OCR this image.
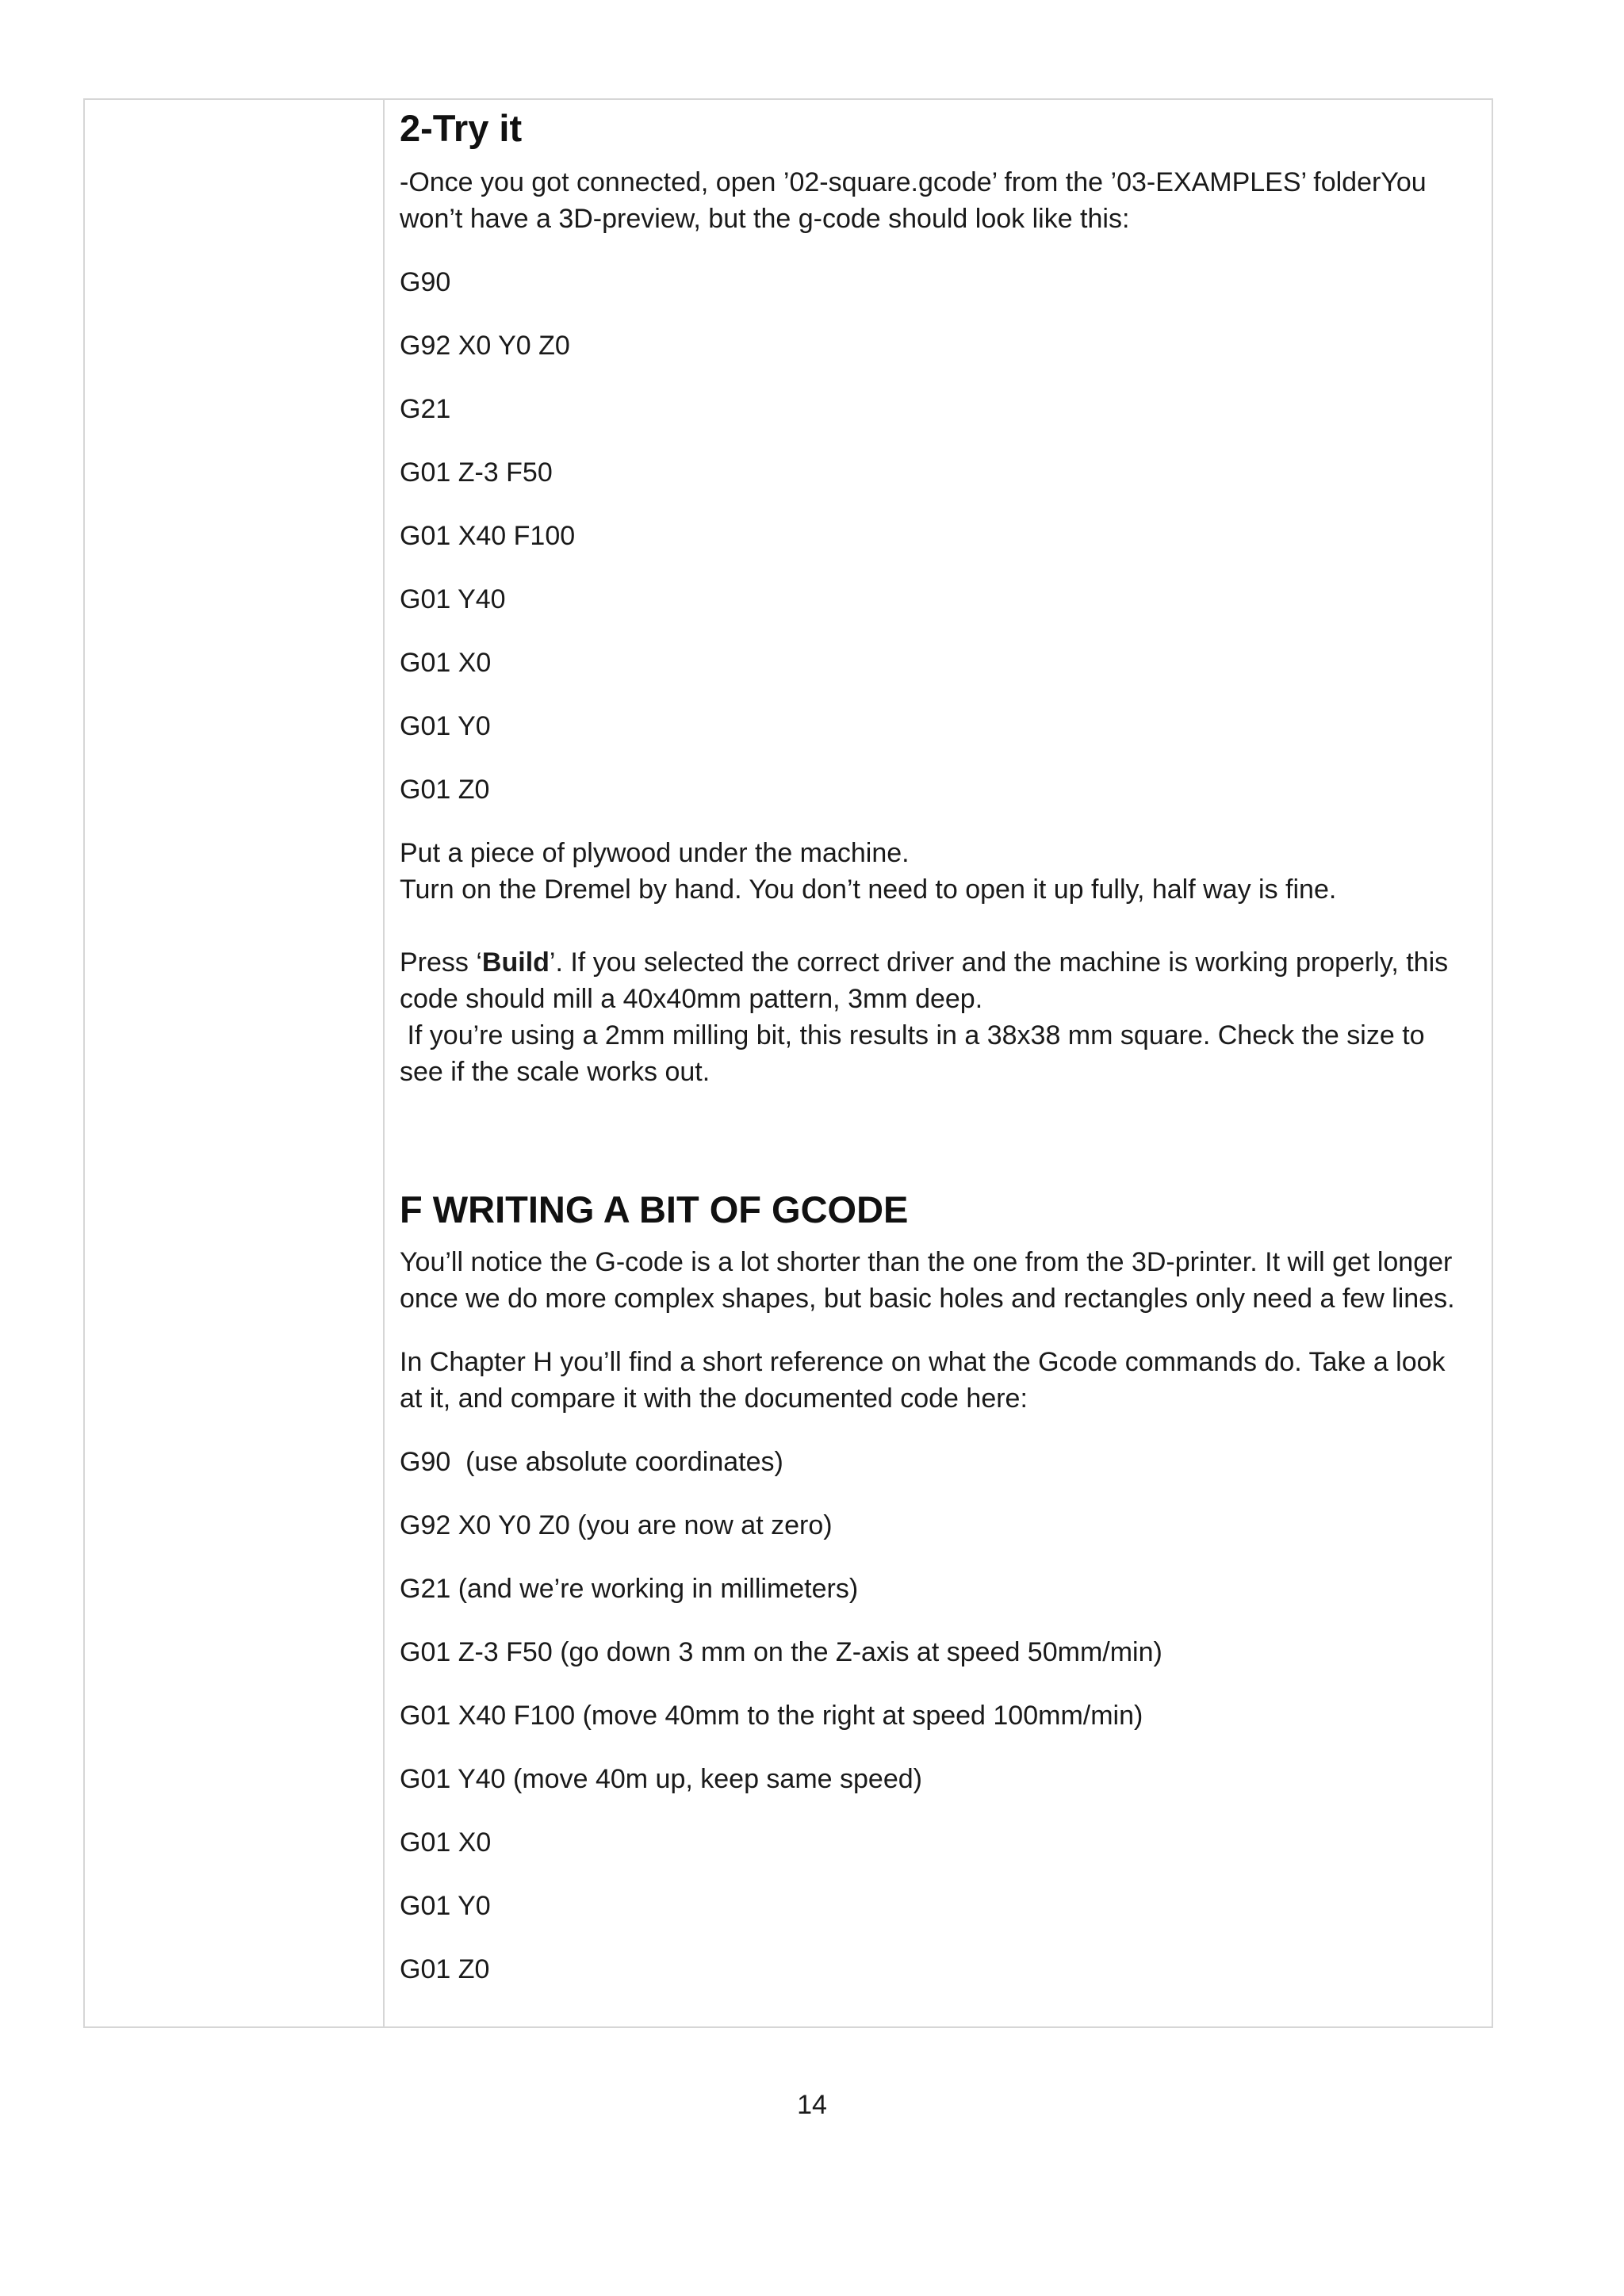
2-Try it

-Once you got connected, open ’02-square.gcode’ from the ’03-EXAMPLES’ folderYou

won’t have a 3D-preview, but the g-code should look like this:

G90

G92 X0 Y0 Z0

G21

G01 Z-3 F50

G01 X40 F100

G01 Y40

G01 X0

G01 Y0

G01 Z0

Put a piece of plywood under the machine.

Turn on the Dremel by hand. You don’t need to open it up fully, half way is fine.

Press ‘Build’. If you selected the correct driver and the machine is working properly, this

code should mill a 40x40mm pattern, 3mm deep.

If you’re using a 2mm milling bit, this results in a 38x38 mm square. Check the size to

see if the scale works out.

F WRITING A BIT OF GCODE

You’ll notice the G-code is a lot shorter than the one from the 3D-printer. It will get longer

once we do more complex shapes, but basic holes and rectangles only need a few lines.

In Chapter H you’ll find a short reference on what the Gcode commands do. Take a look

at it, and compare it with the documented code here:

G90  (use absolute coordinates)

G92 X0 Y0 Z0 (you are now at zero)

G21 (and we’re working in millimeters)

G01 Z-3 F50 (go down 3 mm on the Z-axis at speed 50mm/min)

G01 X40 F100 (move 40mm to the right at speed 100mm/min)

G01 Y40 (move 40m up, keep same speed)

G01 X0

G01 Y0

G01 Z0

14
